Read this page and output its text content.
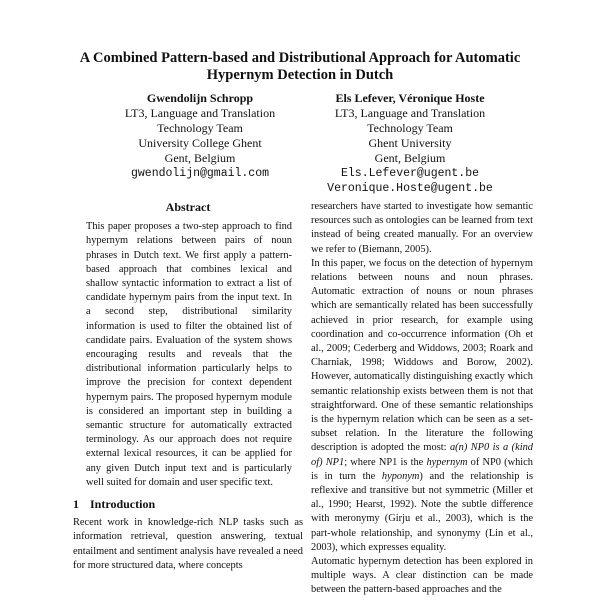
A Combined Pattern-based and Distributional Approach for Automatic Hypernym Detection in Dutch
Gwendolijn Schropp
LT3, Language and Translation
Technology Team
University College Ghent
Gent, Belgium
gwendolijn@gmail.com
Els Lefever, Véronique Hoste
LT3, Language and Translation
Technology Team
Ghent University
Gent, Belgium
Els.Lefever@ugent.be
Veronique.Hoste@ugent.be
Abstract

This paper proposes a two-step approach to find hypernym relations between pairs of noun phrases in Dutch text. We first apply a pattern-based approach that combines lexical and shallow syntactic information to extract a list of candidate hypernym pairs from the input text. In a second step, distributional similarity information is used to filter the obtained list of candidate pairs. Evaluation of the system shows encouraging results and reveals that the distributional information particularly helps to improve the precision for context dependent hypernym pairs. The proposed hypernym module is considered an important step in building a semantic structure for automatically extracted terminology. As our approach does not require external lexical resources, it can be applied for any given Dutch input text and is particularly well suited for domain and user specific text.

1 Introduction

Recent work in knowledge-rich NLP tasks such as information retrieval, question answering, textual entailment and sentiment analysis have revealed a need for more structured data, where concepts

researchers have started to investigate how semantic resources such as ontologies can be learned from text instead of being created manually. For an overview we refer to (Biemann, 2005).

In this paper, we focus on the detection of hypernym relations between nouns and noun phrases. Automatic extraction of nouns or noun phrases which are semantically related has been successfully achieved in prior research, for example using coordination and co-occurrence information (Oh et al., 2009; Cederberg and Widdows, 2003; Roark and Charniak, 1998; Widdows and Borow, 2002). However, automatically distinguishing exactly which semantic relationship exists between them is not that straightforward. One of these semantic relationships is the hypernym relation which can be seen as a set-subset relation. In the literature the following description is adopted the most: a(n) NP0 is a (kind of) NP1; where NP1 is the hypernym of NP0 (which is in turn the hyponym) and the relationship is reflexive and transitive but not symmetric (Miller et al., 1990; Hearst, 1992). Note the subtle difference with meronymy (Girju et al., 2003), which is the part-whole relationship, and synonymy (Lin et al., 2003), which expresses equality.

Automatic hypernym detection has been explored in multiple ways. A clear distinction can be made between the pattern-based approaches and the
